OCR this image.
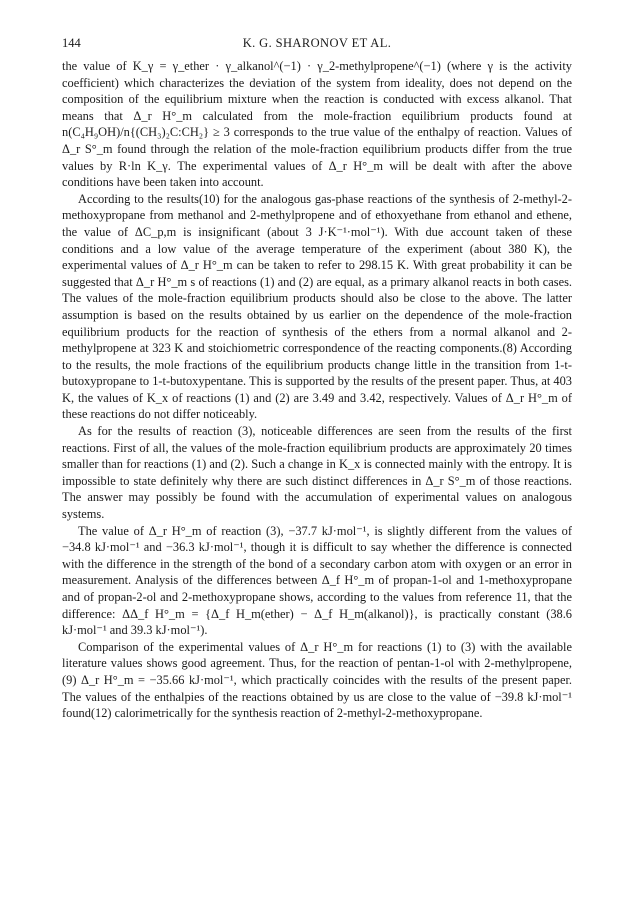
144	K. G. SHARONOV ET AL.

the value of K_γ = γ_ether · γ_alkanol^(−1) · γ_2-methylpropene^(−1) (where γ is the activity coefficient) which characterizes the deviation of the system from ideality, does not depend on the composition of the equilibrium mixture when the reaction is conducted with excess alkanol. That means that Δ_r H°_m calculated from the mole-fraction equilibrium products found at n(C₄H₉OH)/n{(CH₃)₂C:CH₂} ≥ 3 corresponds to the true value of the enthalpy of reaction. Values of Δ_r S°_m found through the relation of the mole-fraction equilibrium products differ from the true values by R·ln K_γ. The experimental values of Δ_r H°_m will be dealt with after the above conditions have been taken into account.

According to the results(10) for the analogous gas-phase reactions of the synthesis of 2-methyl-2-methoxypropane from methanol and 2-methylpropene and of ethoxyethane from ethanol and ethene, the value of ΔC_p,m is insignificant (about 3 J·K⁻¹·mol⁻¹). With due account taken of these conditions and a low value of the average temperature of the experiment (about 380 K), the experimental values of Δ_r H°_m can be taken to refer to 298.15 K. With great probability it can be suggested that Δ_r H°_m s of reactions (1) and (2) are equal, as a primary alkanol reacts in both cases. The values of the mole-fraction equilibrium products should also be close to the above. The latter assumption is based on the results obtained by us earlier on the dependence of the mole-fraction equilibrium products for the reaction of synthesis of the ethers from a normal alkanol and 2-methylpropene at 323 K and stoichiometric correspondence of the reacting components.(8) According to the results, the mole fractions of the equilibrium products change little in the transition from 1-t-butoxypropane to 1-t-butoxypentane. This is supported by the results of the present paper. Thus, at 403 K, the values of K_x of reactions (1) and (2) are 3.49 and 3.42, respectively. Values of Δ_r H°_m of these reactions do not differ noticeably.

As for the results of reaction (3), noticeable differences are seen from the results of the first reactions. First of all, the values of the mole-fraction equilibrium products are approximately 20 times smaller than for reactions (1) and (2). Such a change in K_x is connected mainly with the entropy. It is impossible to state definitely why there are such distinct differences in Δ_r S°_m of those reactions. The answer may possibly be found with the accumulation of experimental values on analogous systems.

The value of Δ_r H°_m of reaction (3), −37.7 kJ·mol⁻¹, is slightly different from the values of −34.8 kJ·mol⁻¹ and −36.3 kJ·mol⁻¹, though it is difficult to say whether the difference is connected with the difference in the strength of the bond of a secondary carbon atom with oxygen or an error in measurement. Analysis of the differences between Δ_f H°_m of propan-1-ol and 1-methoxypropane and of propan-2-ol and 2-methoxypropane shows, according to the values from reference 11, that the difference: ΔΔ_f H°_m = {Δ_f H_m(ether) − Δ_f H_m(alkanol)}, is practically constant (38.6 kJ·mol⁻¹ and 39.3 kJ·mol⁻¹).

Comparison of the experimental values of Δ_r H°_m for reactions (1) to (3) with the available literature values shows good agreement. Thus, for the reaction of pentan-1-ol with 2-methylpropene,(9) Δ_r H°_m = −35.66 kJ·mol⁻¹, which practically coincides with the results of the present paper. The values of the enthalpies of the reactions obtained by us are close to the value of −39.8 kJ·mol⁻¹ found(12) calorimetrically for the synthesis reaction of 2-methyl-2-methoxypropane.
